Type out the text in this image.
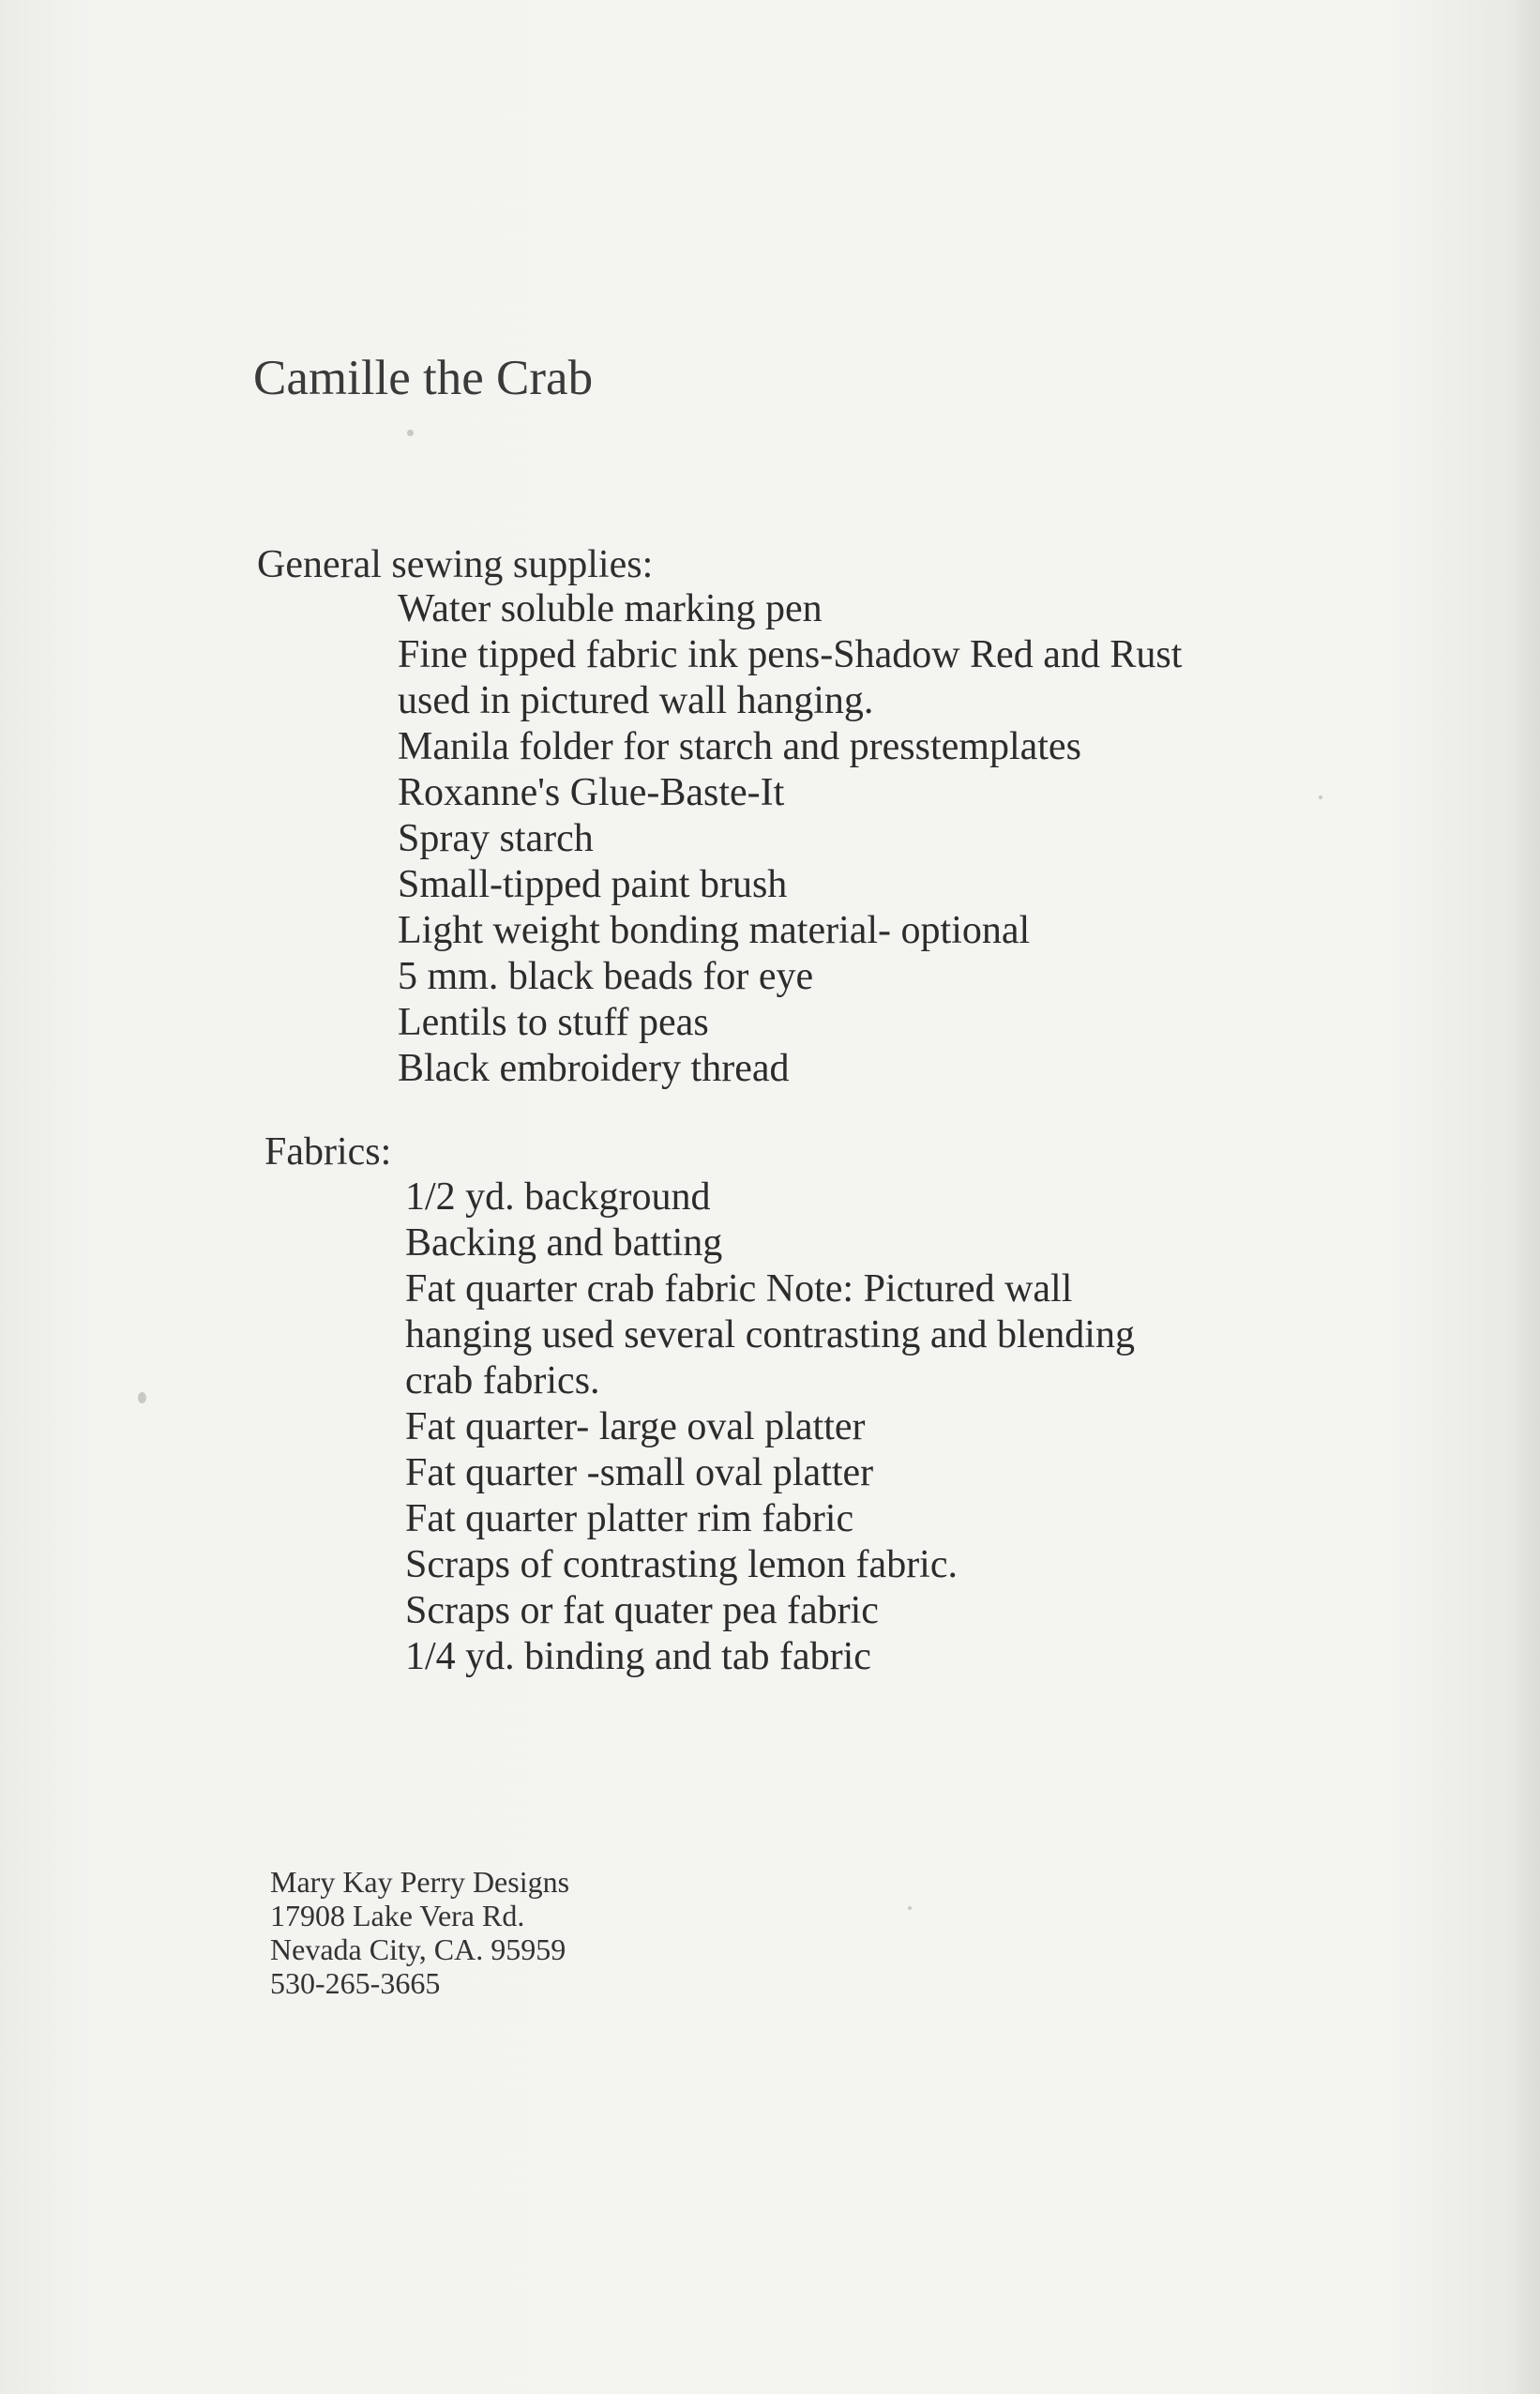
Camille the Crab
General sewing supplies:
Water soluble marking pen
Fine tipped fabric ink pens-Shadow Red and Rust
used in pictured wall hanging.
Manila folder for starch and presstemplates
Roxanne's Glue-Baste-It
Spray starch
Small-tipped paint brush
Light weight bonding material- optional
5 mm. black beads for eye
Lentils to stuff peas
Black embroidery thread
Fabrics:
1/2 yd. background
Backing and batting
Fat quarter crab fabric Note: Pictured wall
hanging used several contrasting and blending
crab fabrics.
Fat quarter- large oval platter
Fat quarter -small oval platter
Fat quarter platter rim fabric
Scraps of contrasting lemon fabric.
Scraps or fat quater pea fabric
1/4 yd. binding and tab fabric
Mary Kay Perry Designs
17908 Lake Vera Rd.
Nevada City, CA. 95959
530-265-3665
